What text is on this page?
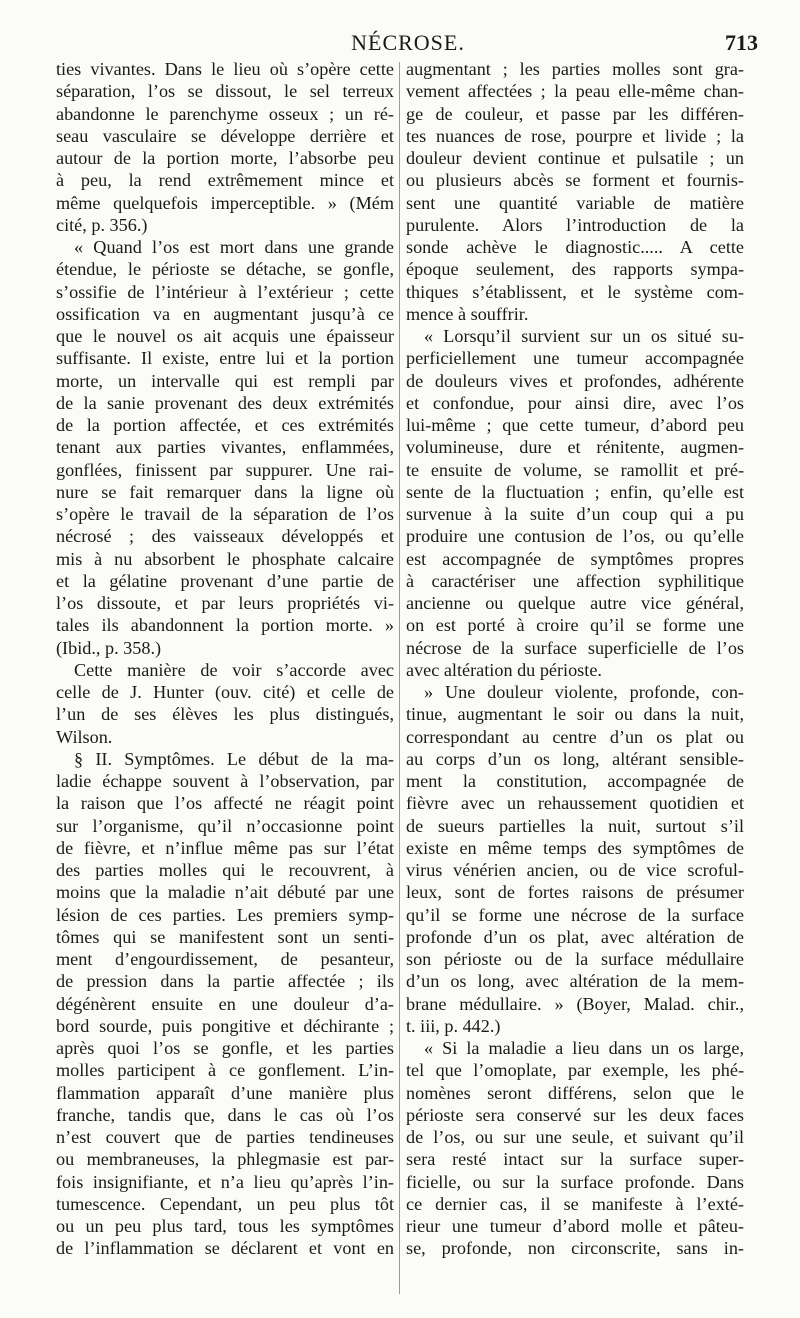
NÉCROSE.	713
ties vivantes. Dans le lieu où s’opère cette
séparation, l’os se dissout, le sel terreux
abandonne le parenchyme osseux ; un ré-
seau vasculaire se développe derrière et
autour de la portion morte, l’absorbe peu
à peu, la rend extrêmement mince et
même quelquefois imperceptible. » (Mém
cité, p. 356.)
« Quand l’os est mort dans une grande
étendue, le périoste se détache, se gonfle,
s’ossifie de l’intérieur à l’extérieur ; cette
ossification va en augmentant jusqu’à ce
que le nouvel os ait acquis une épaisseur
suffisante. Il existe, entre lui et la portion
morte, un intervalle qui est rempli par
de la sanie provenant des deux extrémités
de la portion affectée, et ces extrémités
tenant aux parties vivantes, enflammées,
gonflées, finissent par suppurer. Une rai-
nure se fait remarquer dans la ligne où
s’opère le travail de la séparation de l’os
nécrosé ; des vaisseaux développés et
mis à nu absorbent le phosphate calcaire
et la gélatine provenant d’une partie de
l’os dissoute, et par leurs propriétés vi-
tales ils abandonnent la portion morte. »
(Ibid., p. 358.)
Cette manière de voir s’accorde avec
celle de J. Hunter (ouv. cité) et celle de
l’un de ses élèves les plus distingués,
Wilson.
§ II. Symptômes. Le début de la ma-
ladie échappe souvent à l’observation, par
la raison que l’os affecté ne réagit point
sur l’organisme, qu’il n’occasionne point
de fièvre, et n’influe même pas sur l’état
des parties molles qui le recouvrent, à
moins que la maladie n’ait débuté par une
lésion de ces parties. Les premiers symp-
tômes qui se manifestent sont un senti-
ment d’engourdissement, de pesanteur,
de pression dans la partie affectée ; ils
dégénèrent ensuite en une douleur d’a-
bord sourde, puis pongitive et déchirante ;
après quoi l’os se gonfle, et les parties
molles participent à ce gonflement. L’in-
flammation apparaît d’une manière plus
franche, tandis que, dans le cas où l’os
n’est couvert que de parties tendineuses
ou membraneuses, la phlegmasie est par-
fois insignifiante, et n’a lieu qu’après l’in-
tumescence. Cependant, un peu plus tôt
ou un peu plus tard, tous les symptômes
de l’inflammation se déclarent et vont en
augmentant ; les parties molles sont gra-
vement affectées ; la peau elle-même chan-
ge de couleur, et passe par les différen-
tes nuances de rose, pourpre et livide ; la
douleur devient continue et pulsatile ; un
ou plusieurs abcès se forment et fournis-
sent une quantité variable de matière
purulente. Alors l’introduction de la
sonde achève le diagnostic..... A cette
époque seulement, des rapports sympa-
thiques s’établissent, et le système com-
mence à souffrir.
« Lorsqu’il survient sur un os situé su-
perficiellement une tumeur accompagnée
de douleurs vives et profondes, adhérente
et confondue, pour ainsi dire, avec l’os
lui-même ; que cette tumeur, d’abord peu
volumineuse, dure et rénitente, augmen-
te ensuite de volume, se ramollit et pré-
sente de la fluctuation ; enfin, qu’elle est
survenue à la suite d’un coup qui a pu
produire une contusion de l’os, ou qu’elle
est accompagnée de symptômes propres
à caractériser une affection syphilitique
ancienne ou quelque autre vice général,
on est porté à croire qu’il se forme une
nécrose de la surface superficielle de l’os
avec altération du périoste.
» Une douleur violente, profonde, con-
tinue, augmentant le soir ou dans la nuit,
correspondant au centre d’un os plat ou
au corps d’un os long, altérant sensible-
ment la constitution, accompagnée de
fièvre avec un rehaussement quotidien et
de sueurs partielles la nuit, surtout s’il
existe en même temps des symptômes de
virus vénérien ancien, ou de vice scroful-
leux, sont de fortes raisons de présumer
qu’il se forme une nécrose de la surface
profonde d’un os plat, avec altération de
son périoste ou de la surface médullaire
d’un os long, avec altération de la mem-
brane médullaire. » (Boyer, Malad. chir.,
t. iii, p. 442.)
« Si la maladie a lieu dans un os large,
tel que l’omoplate, par exemple, les phé-
nomènes seront différens, selon que le
périoste sera conservé sur les deux faces
de l’os, ou sur une seule, et suivant qu’il
sera resté intact sur la surface super-
ficielle, ou sur la surface profonde. Dans
ce dernier cas, il se manifeste à l’exté-
rieur une tumeur d’abord molle et pâteu-
se, profonde, non circonscrite, sans in-
